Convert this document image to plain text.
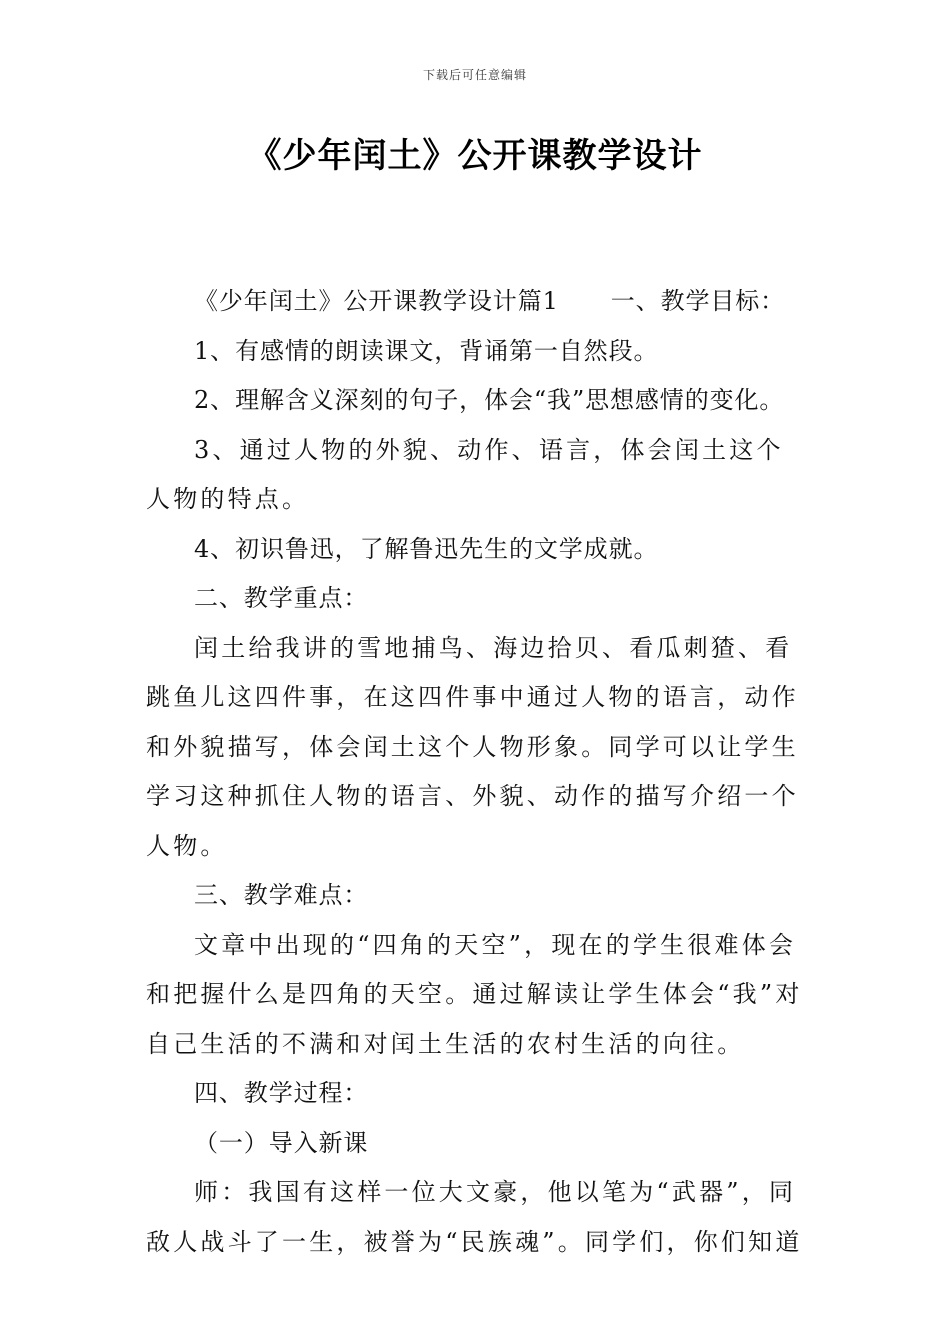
下载后可任意编辑
《少年闰土》公开课教学设计

《少年闰土》公开课教学设计篇1 一、教学目标：

1、有感情的朗读课文，背诵第一自然段。

2、理解含义深刻的句子，体会“我”思想感情的变化。

3、通过人物的外貌、动作、语言，体会闰土这个人物的特点。

4、初识鲁迅，了解鲁迅先生的文学成就。

二、教学重点：

闰土给我讲的雪地捕鸟、海边拾贝、看瓜刺猹、看跳鱼儿这四件事，在这四件事中通过人物的语言，动作和外貌描写，体会闰土这个人物形象。同学可以让学生学习这种抓住人物的语言、外貌、动作的描写介绍一个人物。

三、教学难点：

文章中出现的“四角的天空”，现在的学生很难体会和把握什么是四角的天空。通过解读让学生体会“我”对自己生活的不满和对闰土生活的农村生活的向往。

四、教学过程：

（一）导入新课

师：我国有这样一位大文豪，他以笔为“武器”，同敌人战斗了一生，被誉为“民族魂”。同学们，你们知道
